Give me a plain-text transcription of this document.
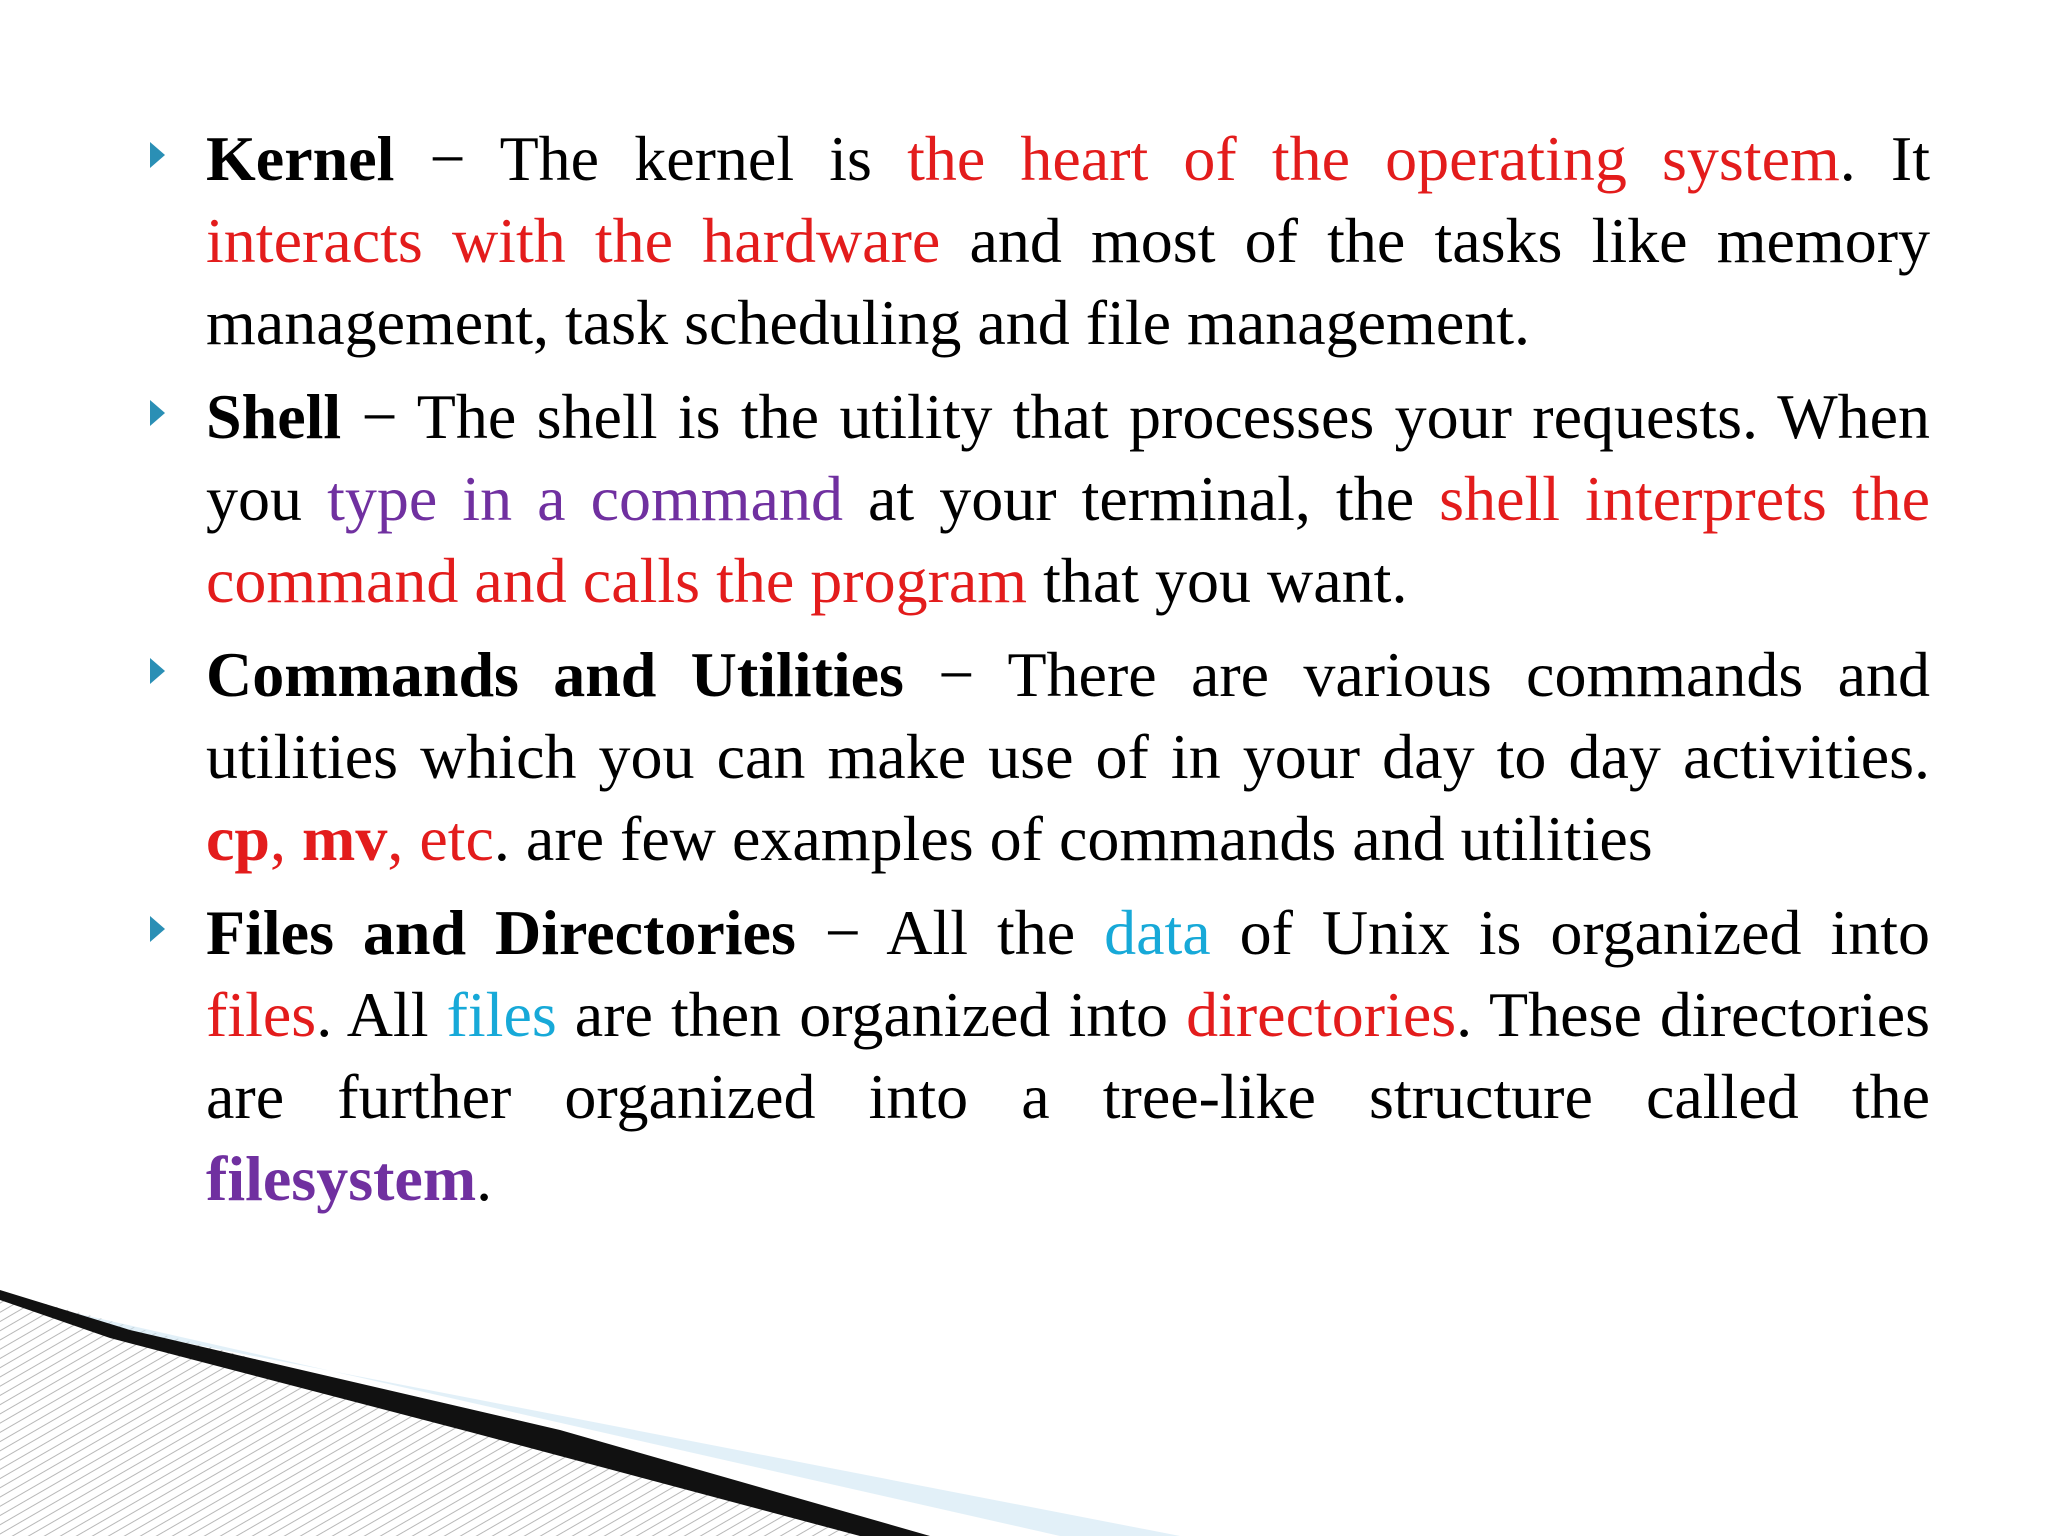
Kernel − The kernel is the heart of the operating system. It interacts with the hardware and most of the tasks like memory management, task scheduling and file management.
Shell − The shell is the utility that processes your requests. When you type in a command at your terminal, the shell interprets the command and calls the program that you want.
Commands and Utilities − There are various commands and utilities which you can make use of in your day to day activities. cp, mv, etc. are few examples of commands and utilities
Files and Directories − All the data of Unix is organized into files. All files are then organized into directories. These directories are further organized into a tree-like structure called the filesystem.
